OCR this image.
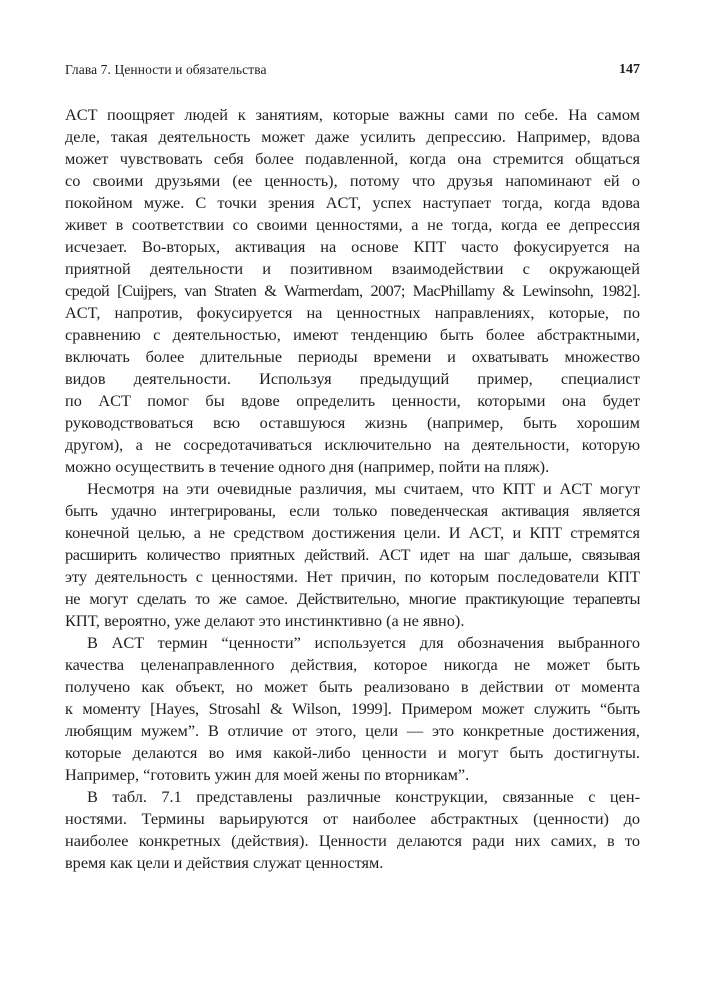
Глава 7. Ценности и обязательства	147
ACT поощряет людей к занятиям, которые важны сами по себе. На самом
деле, такая деятельность может даже усилить депрессию. Например, вдова
может чувствовать себя более подавленной, когда она стремится общаться
со своими друзьями (ее ценность), потому что друзья напоминают ей о
покойном муже. С точки зрения ACT, успех наступает тогда, когда вдова
живет в соответствии со своими ценностями, а не тогда, когда ее депрессия
исчезает. Во-вторых, активация на основе КПТ часто фокусируется на
приятной деятельности и позитивном взаимодействии с окружающей
средой [Cuijpers, van Straten & Warmerdam, 2007; MacPhillamy & Lewinsohn, 1982].
ACT, напротив, фокусируется на ценностных направлениях, которые, по
сравнению с деятельностью, имеют тенденцию быть более абстрактными,
включать более длительные периоды времени и охватывать множество
видов деятельности. Используя предыдущий пример, специалист
по ACT помог бы вдове определить ценности, которыми она будет
руководствоваться всю оставшуюся жизнь (например, быть хорошим
другом), а не сосредотачиваться исключительно на деятельности, которую
можно осуществить в течение одного дня (например, пойти на пляж).
Несмотря на эти очевидные различия, мы считаем, что КПТ и ACT могут
быть удачно интегрированы, если только поведенческая активация является
конечной целью, а не средством достижения цели. И ACT, и КПТ стремятся
расширить количество приятных действий. ACT идет на шаг дальше, связывая
эту деятельность с ценностями. Нет причин, по которым последователи КПТ
не могут сделать то же самое. Действительно, многие практикующие терапевты
КПТ, вероятно, уже делают это инстинктивно (а не явно).
В ACT термин “ценности” используется для обозначения выбранного
качества целенаправленного действия, которое никогда не может быть
получено как объект, но может быть реализовано в действии от момента
к моменту [Hayes, Strosahl & Wilson, 1999]. Примером может служить “быть
любящим мужем”. В отличие от этого, цели — это конкретные достижения,
которые делаются во имя какой-либо ценности и могут быть достигнуты.
Например, “готовить ужин для моей жены по вторникам”.
В табл. 7.1 представлены различные конструкции, связанные с цен-
ностями. Термины варьируются от наиболее абстрактных (ценности) до
наиболее конкретных (действия). Ценности делаются ради них самих, в то
время как цели и действия служат ценностям.
